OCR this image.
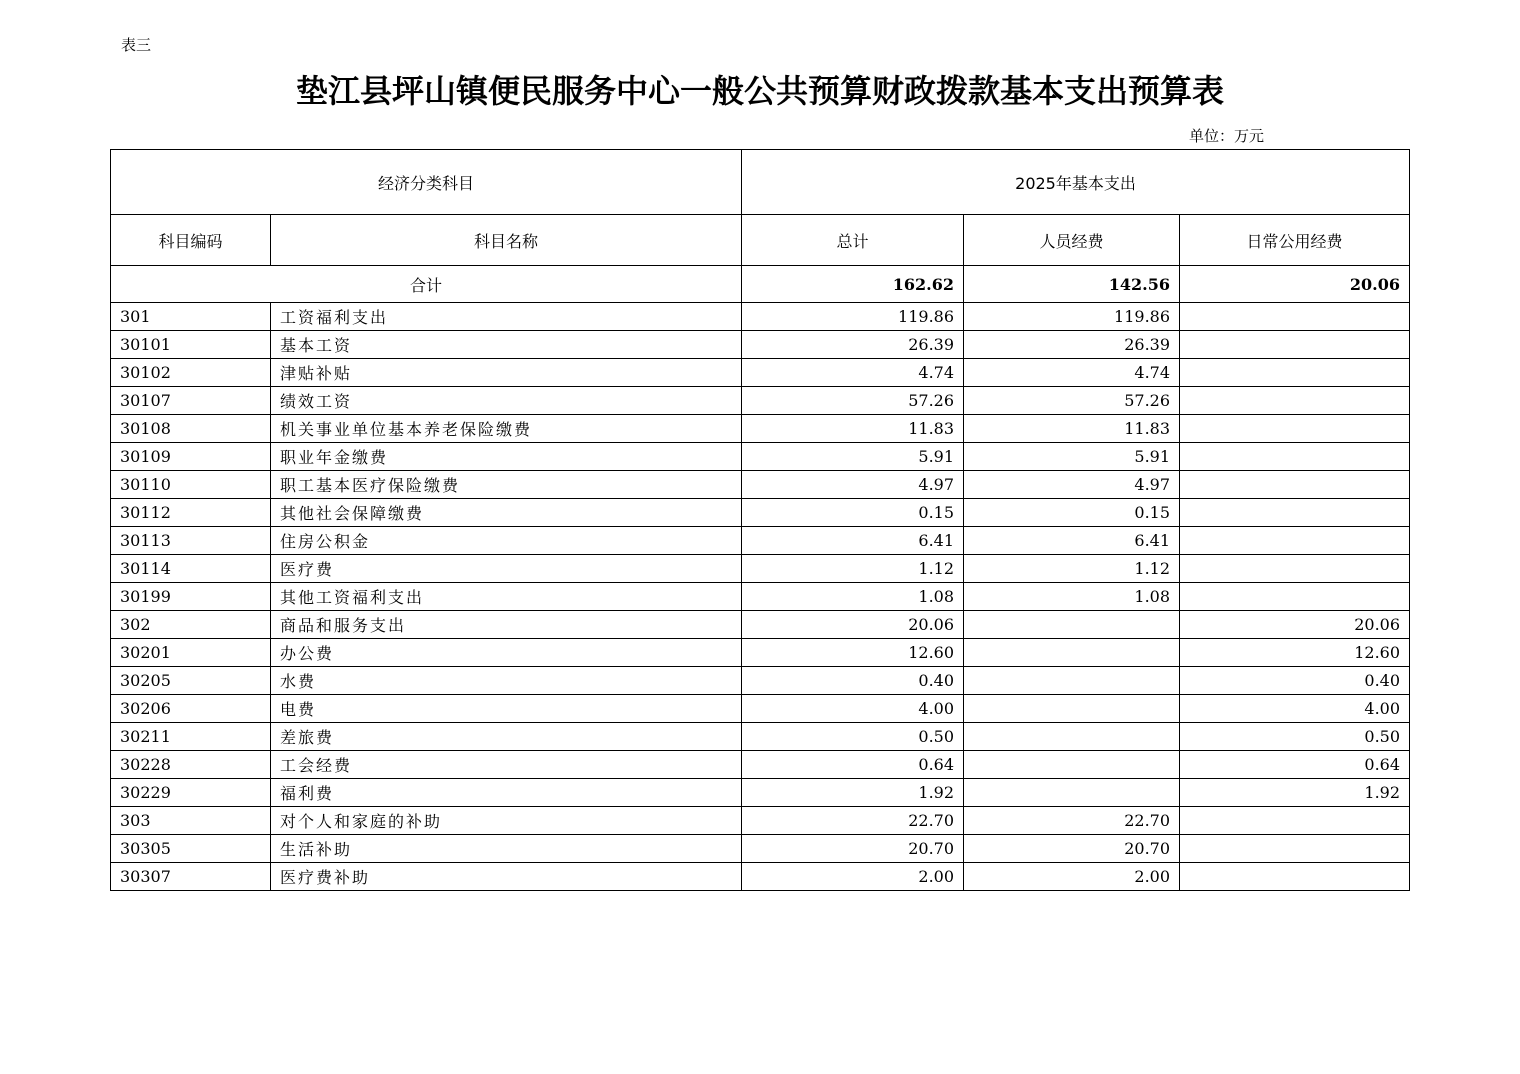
表三
垫江县坪山镇便民服务中心一般公共预算财政拨款基本支出预算表
单位：万元
经济分类科目		2025年基本支出		
科目编码	科目名称	总计	人员经费	日常公用经费
合计		162.62	142.56	20.06
301	工资福利支出	119.86	119.86	
30101	基本工资	26.39	26.39	
30102	津贴补贴	4.74	4.74	
30107	绩效工资	57.26	57.26	
30108	机关事业单位基本养老保险缴费	11.83	11.83	
30109	职业年金缴费	5.91	5.91	
30110	职工基本医疗保险缴费	4.97	4.97	
30112	其他社会保障缴费	0.15	0.15	
30113	住房公积金	6.41	6.41	
30114	医疗费	1.12	1.12	
30199	其他工资福利支出	1.08	1.08	
302	商品和服务支出	20.06		20.06
30201	办公费	12.60		12.60
30205	水费	0.40		0.40
30206	电费	4.00		4.00
30211	差旅费	0.50		0.50
30228	工会经费	0.64		0.64
30229	福利费	1.92		1.92
303	对个人和家庭的补助	22.70	22.70	
30305	生活补助	20.70	20.70	
30307	医疗费补助	2.00	2.00	
